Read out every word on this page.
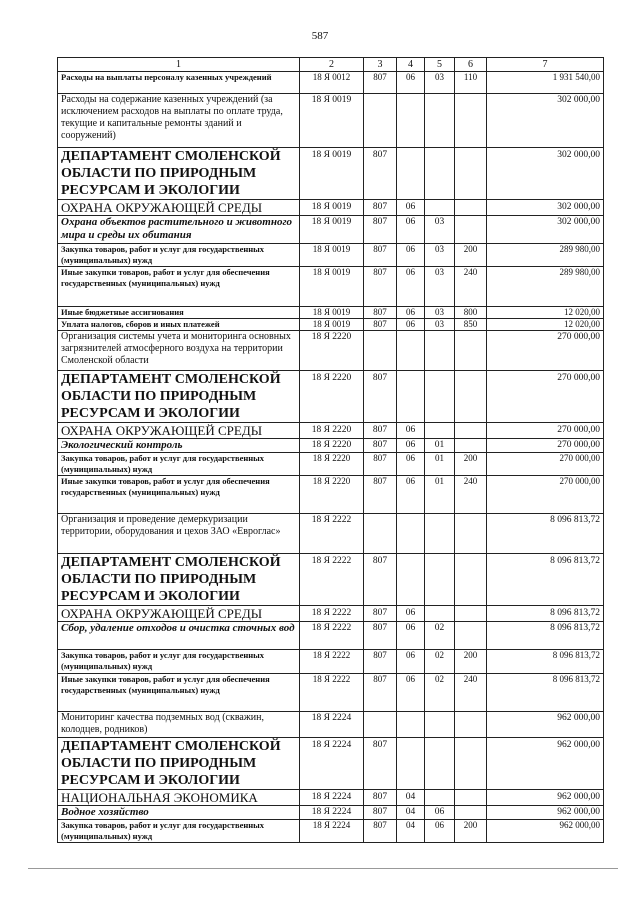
587
1	2	3	4	5	6	7
Расходы на выплаты персоналу казенных учреждений	18 Я 0012	807	06	03	110	1 931 540,00
Расходы на содержание казенных учреждений (за исключением расходов на выплаты по оплате труда, текущие и капитальные ремонты зданий и сооружений)	18 Я 0019					302 000,00
ДЕПАРТАМЕНТ СМОЛЕНСКОЙ ОБЛАСТИ ПО ПРИРОДНЫМ РЕСУРСАМ И ЭКОЛОГИИ	18 Я 0019	807				302 000,00
ОХРАНА ОКРУЖАЮЩЕЙ СРЕДЫ	18 Я 0019	807	06			302 000,00
Охрана объектов растительного и животного мира и среды их обитания	18 Я 0019	807	06	03		302 000,00
Закупка товаров, работ и услуг для государственных (муниципальных) нужд	18 Я 0019	807	06	03	200	289 980,00
Иные закупки товаров, работ и услуг для обеспечения государственных (муниципальных) нужд	18 Я 0019	807	06	03	240	289 980,00
Иные бюджетные ассигнования	18 Я 0019	807	06	03	800	12 020,00
Уплата налогов, сборов и иных платежей	18 Я 0019	807	06	03	850	12 020,00
Организация системы учета и мониторинга основных загрязнителей атмосферного воздуха на территории Смоленской области	18 Я 2220					270 000,00
ДЕПАРТАМЕНТ СМОЛЕНСКОЙ ОБЛАСТИ ПО ПРИРОДНЫМ РЕСУРСАМ И ЭКОЛОГИИ	18 Я 2220	807				270 000,00
ОХРАНА ОКРУЖАЮЩЕЙ СРЕДЫ	18 Я 2220	807	06			270 000,00
Экологический контроль	18 Я 2220	807	06	01		270 000,00
Закупка товаров, работ и услуг для государственных (муниципальных) нужд	18 Я 2220	807	06	01	200	270 000,00
Иные закупки товаров, работ и услуг для обеспечения государственных (муниципальных) нужд	18 Я 2220	807	06	01	240	270 000,00
Организация и проведение демеркуризации территории, оборудования и цехов ЗАО «Евроглас»	18 Я 2222					8 096 813,72
ДЕПАРТАМЕНТ СМОЛЕНСКОЙ ОБЛАСТИ ПО ПРИРОДНЫМ РЕСУРСАМ И ЭКОЛОГИИ	18 Я 2222	807				8 096 813,72
ОХРАНА ОКРУЖАЮЩЕЙ СРЕДЫ	18 Я 2222	807	06			8 096 813,72
Сбор, удаление отходов и очистка сточных вод	18 Я 2222	807	06	02		8 096 813,72
Закупка товаров, работ и услуг для государственных (муниципальных) нужд	18 Я 2222	807	06	02	200	8 096 813,72
Иные закупки товаров, работ и услуг для обеспечения государственных (муниципальных) нужд	18 Я 2222	807	06	02	240	8 096 813,72
Мониторинг качества подземных вод (скважин, колодцев, родников)	18 Я 2224					962 000,00
ДЕПАРТАМЕНТ СМОЛЕНСКОЙ ОБЛАСТИ ПО ПРИРОДНЫМ РЕСУРСАМ И ЭКОЛОГИИ	18 Я 2224	807				962 000,00
НАЦИОНАЛЬНАЯ ЭКОНОМИКА	18 Я 2224	807	04			962 000,00
Водное хозяйство	18 Я 2224	807	04	06		962 000,00
Закупка товаров, работ и услуг для государственных (муниципальных) нужд	18 Я 2224	807	04	06	200	962 000,00
